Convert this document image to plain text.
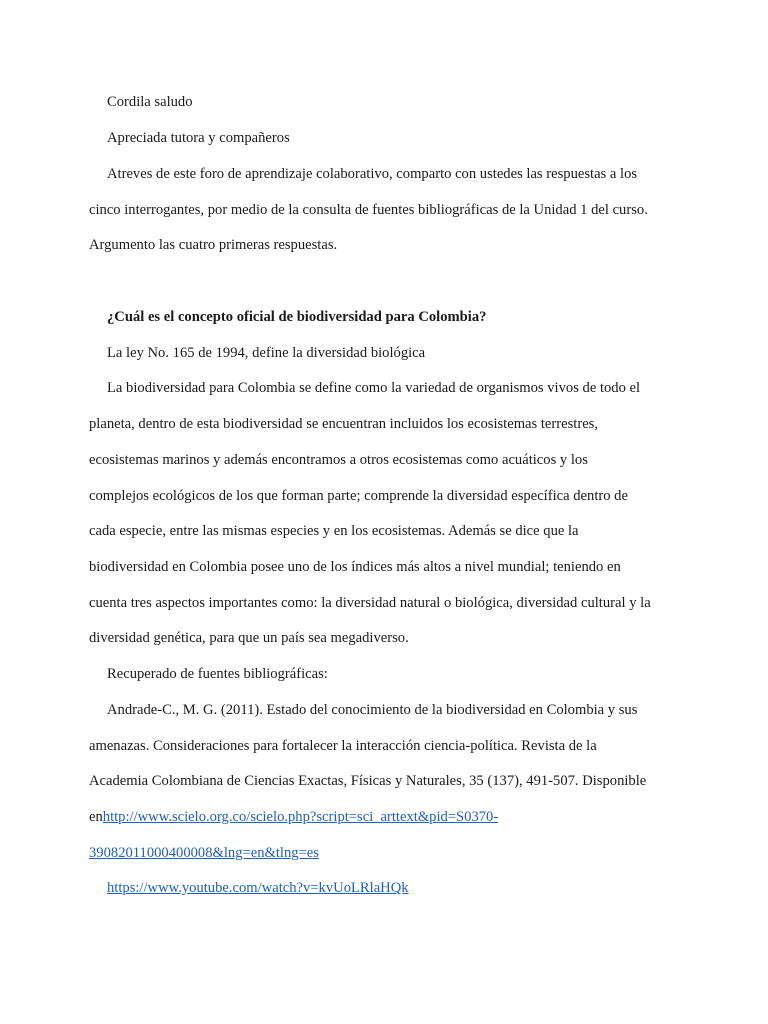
Cordila saludo
Apreciada tutora y compañeros
Atreves de este foro de aprendizaje colaborativo, comparto con ustedes las respuestas a los
cinco interrogantes, por medio de la consulta de fuentes bibliográficas de la Unidad 1 del curso.
Argumento las cuatro primeras respuestas.
¿Cuál es el concepto oficial de biodiversidad para Colombia?
La ley No. 165 de 1994, define la diversidad biológica
La biodiversidad para Colombia se define como la variedad de organismos vivos de todo el
planeta, dentro de esta biodiversidad se encuentran incluidos los ecosistemas terrestres,
ecosistemas marinos y además encontramos a otros ecosistemas como acuáticos y los
complejos ecológicos de los que forman parte; comprende la diversidad específica dentro de
cada especie, entre las mismas especies y en los ecosistemas. Además se dice que la
biodiversidad en Colombia posee uno de los índices más altos a nivel mundial; teniendo en
cuenta tres aspectos importantes como: la diversidad natural o biológica, diversidad cultural y la
diversidad genética, para que un país sea megadiverso.
Recuperado de fuentes bibliográficas:
Andrade-C., M. G. (2011). Estado del conocimiento de la biodiversidad en Colombia y sus
amenazas. Consideraciones para fortalecer la interacción ciencia-política. Revista de la
Academia Colombiana de Ciencias Exactas, Físicas y Naturales, 35 (137), 491-507. Disponible
enhttp://www.scielo.org.co/scielo.php?script=sci_arttext&pid=S0370-
39082011000400008&lng=en&tlng=es
https://www.youtube.com/watch?v=kvUoLRlaHQk
